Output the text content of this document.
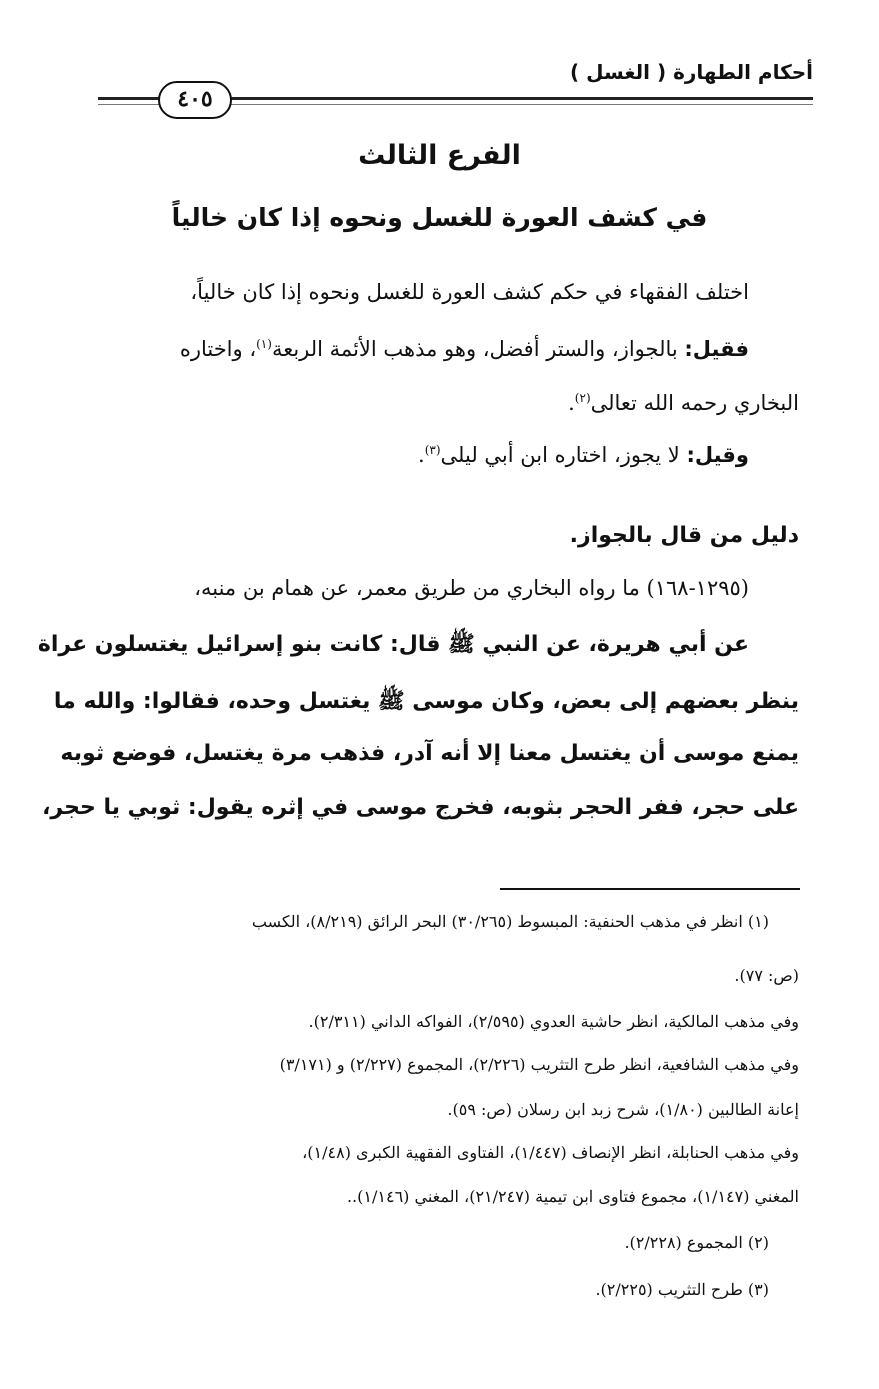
أحكام الطهارة ( الغسل )
٤٠٥
الفرع الثالث
في كشف العورة للغسل ونحوه إذا كان خالياً
اختلف الفقهاء في حكم كشف العورة للغسل ونحوه إذا كان خالياً،
فقيل: بالجواز، والستر أفضل، وهو مذهب الأئمة الربعة$^{(١)}$، واختاره
البخاري رحمه الله تعالى$^{(٢)}$.
وقيل: لا يجوز، اختاره ابن أبي ليلى$^{(٣)}$.
دليل من قال بالجواز.
(١٢٩٥-١٦٨) ما رواه البخاري من طريق معمر، عن همام بن منبه،
عن أبي هريرة، عن النبي ﷺ قال: كانت بنو إسرائيل يغتسلون عراة
ينظر بعضهم إلى بعض، وكان موسى ﷺ يغتسل وحده، فقالوا: والله ما
يمنع موسى أن يغتسل معنا إلا أنه آدر، فذهب مرة يغتسل، فوضع ثوبه
على حجر، ففر الحجر بثوبه، فخرج موسى في إثره يقول: ثوبي يا حجر،
(١) انظر في مذهب الحنفية: المبسوط (٣٠/٢٦٥) البحر الرائق (٨/٢١٩)، الكسب
(ص: ٧٧).
وفي مذهب المالكية، انظر حاشية العدوي (٢/٥٩٥)، الفواكه الداني (٢/٣١١).
وفي مذهب الشافعية، انظر طرح التثريب (٢/٢٢٦)، المجموع (٢/٢٢٧) و (٣/١٧١)
إعانة الطالبين (١/٨٠)، شرح زبد ابن رسلان (ص: ٥٩).
وفي مذهب الحنابلة، انظر الإنصاف (١/٤٤٧)، الفتاوى الفقهية الكبرى (١/٤٨)،
المغني (١/١٤٧)، مجموع فتاوى ابن تيمية (٢١/٢٤٧)، المغني (١/١٤٦)..
(٢) المجموع (٢/٢٢٨).
(٣) طرح التثريب (٢/٢٢٥).
